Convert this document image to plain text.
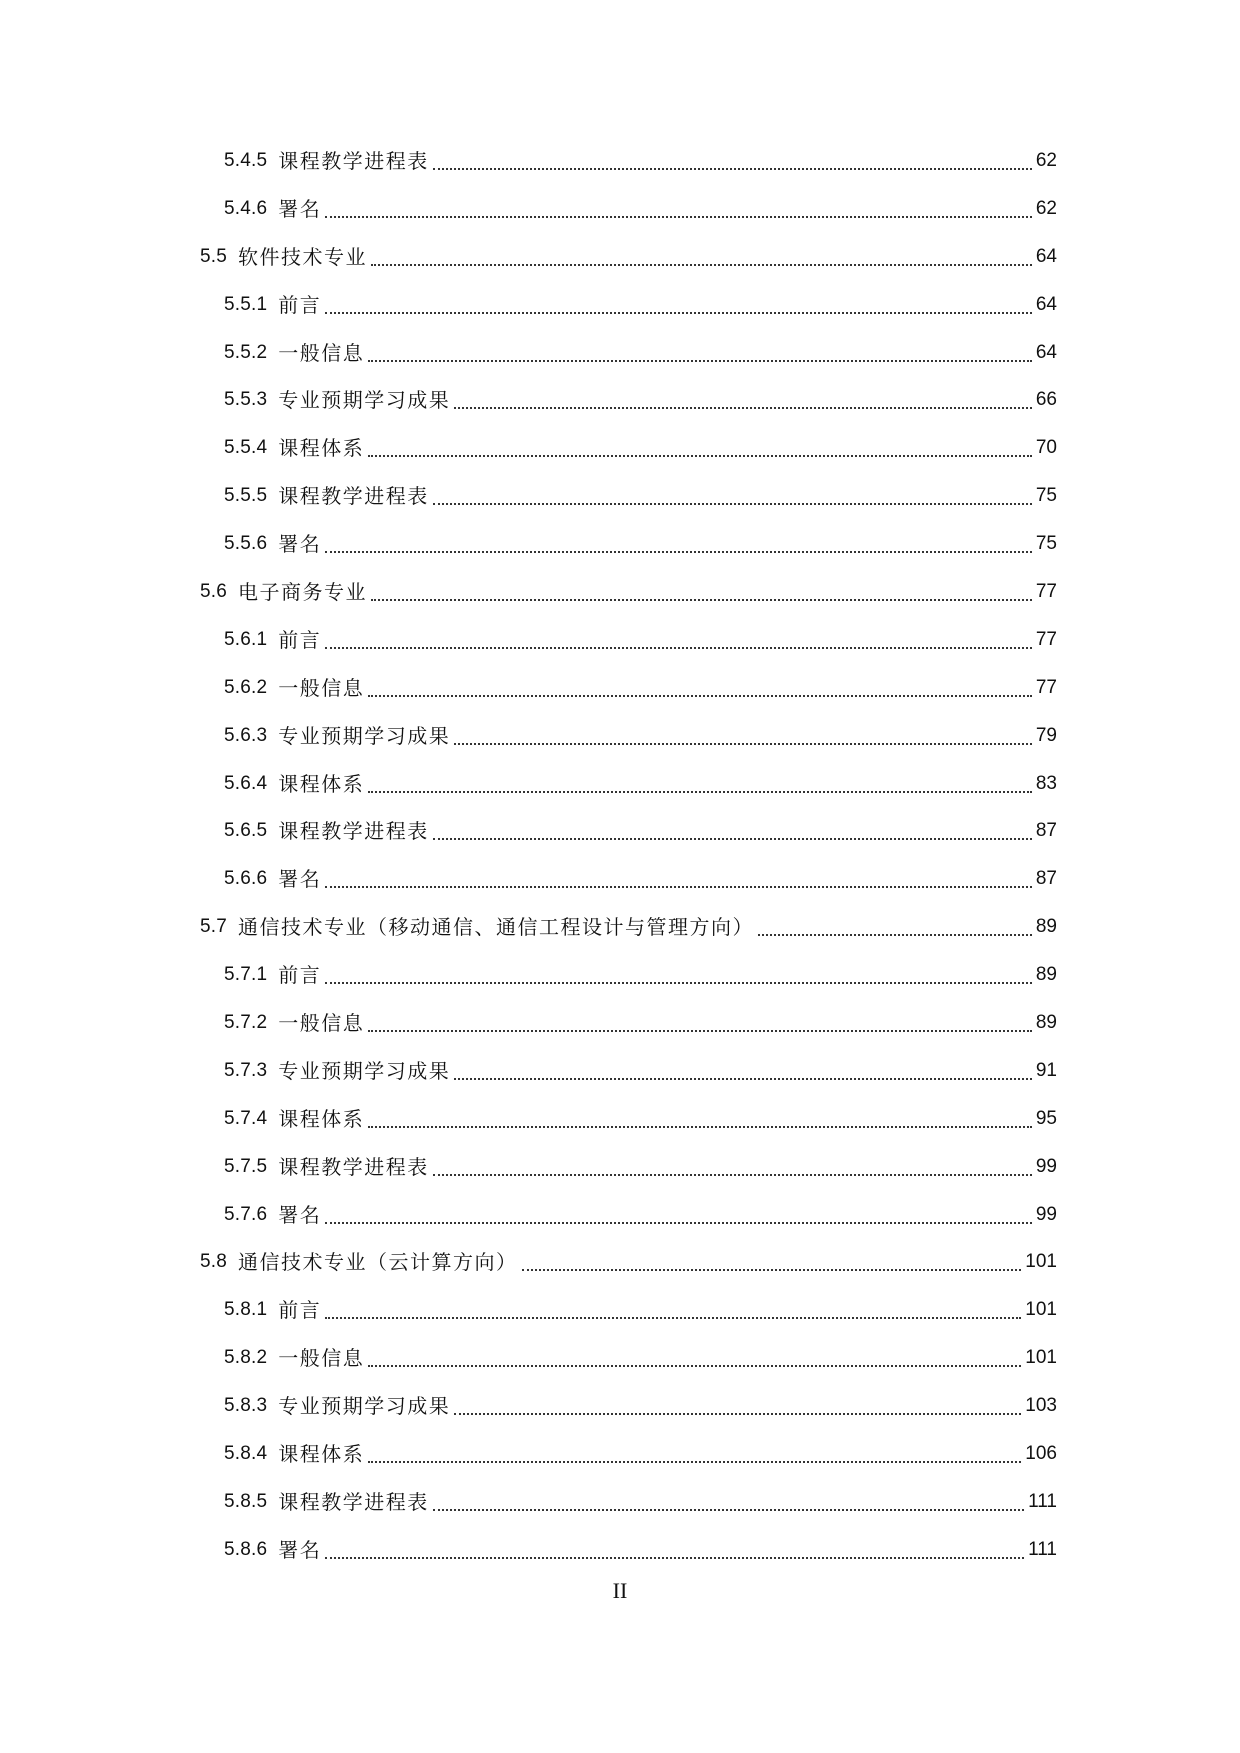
5.4.5 课程教学进程表	62
5.4.6 署名	62
5.5 软件技术专业	64
5.5.1 前言	64
5.5.2 一般信息	64
5.5.3 专业预期学习成果	66
5.5.4 课程体系	70
5.5.5 课程教学进程表	75
5.5.6 署名	75
5.6 电子商务专业	77
5.6.1 前言	77
5.6.2 一般信息	77
5.6.3 专业预期学习成果	79
5.6.4 课程体系	83
5.6.5 课程教学进程表	87
5.6.6 署名	87
5.7 通信技术专业（移动通信、通信工程设计与管理方向）	89
5.7.1 前言	89
5.7.2 一般信息	89
5.7.3 专业预期学习成果	91
5.7.4 课程体系	95
5.7.5 课程教学进程表	99
5.7.6 署名	99
5.8 通信技术专业（云计算方向）	101
5.8.1 前言	101
5.8.2 一般信息	101
5.8.3 专业预期学习成果	103
5.8.4 课程体系	106
5.8.5 课程教学进程表	111
5.8.6 署名	111
II
